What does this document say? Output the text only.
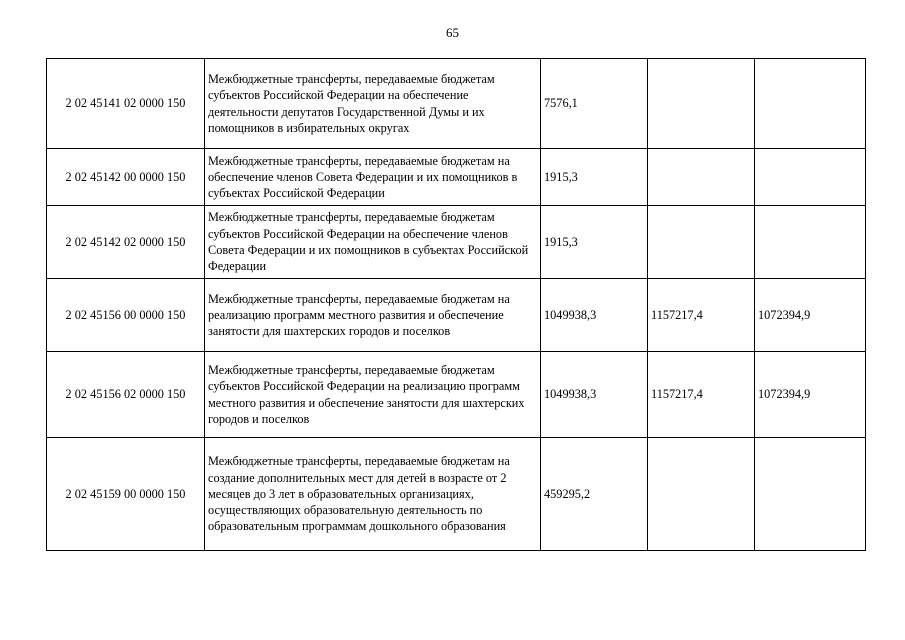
65
2 02 45141 02 0000 150	Межбюджетные трансферты, передаваемые бюджетам субъектов Российской Федерации на обеспечение деятельности депутатов Государственной Думы и их помощников в избирательных округах	7576,1		
2 02 45142 00 0000 150	Межбюджетные трансферты, передаваемые бюджетам на обеспечение членов Совета Федерации и их помощников в субъектах Российской Федерации	1915,3		
2 02 45142 02 0000 150	Межбюджетные трансферты, передаваемые бюджетам субъектов Российской Федерации на обеспечение членов Совета Федерации и их помощников в субъектах Российской Федерации	1915,3		
2 02 45156 00 0000 150	Межбюджетные трансферты, передаваемые бюджетам на реализацию программ местного развития и обеспечение занятости для шахтерских городов и поселков	1049938,3	1157217,4	1072394,9
2 02 45156 02 0000 150	Межбюджетные трансферты, передаваемые бюджетам субъектов Российской Федерации на реализацию программ местного развития и обеспечение занятости для шахтерских городов и поселков	1049938,3	1157217,4	1072394,9
2 02 45159 00 0000 150	Межбюджетные трансферты, передаваемые бюджетам на создание дополнительных мест для детей в возрасте от 2 месяцев до 3 лет в образовательных организациях, осуществляющих образовательную деятельность по образовательным программам дошкольного образования	459295,2		
